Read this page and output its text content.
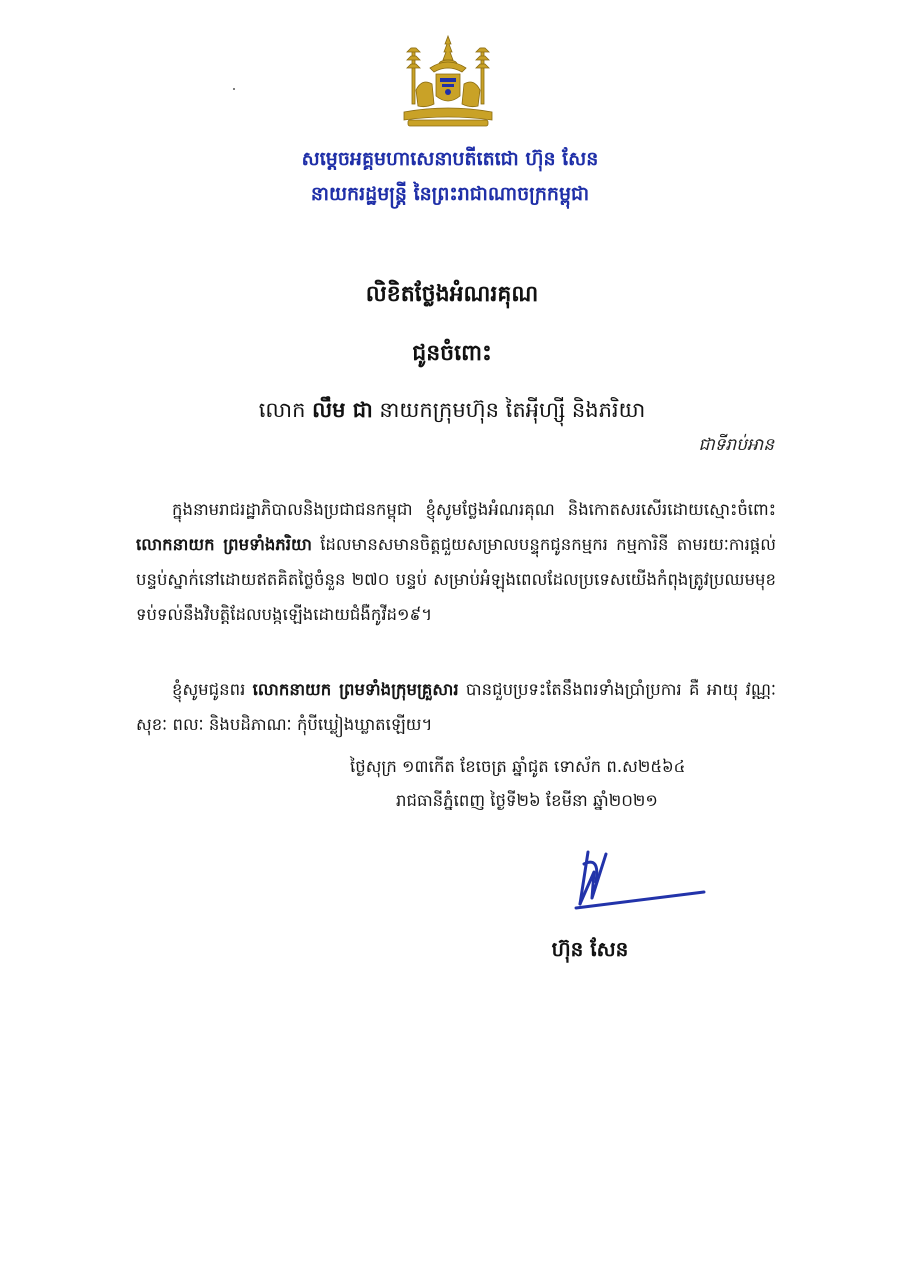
សម្តេចអគ្គមហាសេនាបតីតេជោ ហ៊ុន សែន
នាយករដ្ឋមន្ត្រី នៃព្រះរាជាណាចក្រកម្ពុជា
លិខិតថ្លែងអំណរគុណ
ជូនចំពោះ
លោក លឹម ជា នាយកក្រុមហ៊ុន តៃអុីហ្ស៊ី និងភរិយា
ជាទីរាប់អាន
ក្នុងនាមរាជរដ្ឋាភិបាលនិងប្រជាជនកម្ពុជា ខ្ញុំសូមថ្លែងអំណរគុណ និងកោតសរសើរដោយស្មោះចំពោះ លោកនាយក ព្រមទាំងភរិយា ដែលមានសមានចិត្តជួយសម្រាលបន្ទុកជូនកម្មករ កម្មការិនី តាមរយៈការផ្តល់បន្ទប់ស្នាក់នៅដោយឥតគិតថ្លៃចំនួន ២៧០ បន្ទប់ សម្រាប់អំឡុងពេលដែលប្រទេសយើងកំពុងត្រូវប្រឈមមុខទប់ទល់នឹងវិបត្តិដែលបង្កឡើងដោយជំងឺកូវីដ១៩។
ខ្ញុំសូមជូនពរ លោកនាយក ព្រមទាំងក្រុមគ្រួសារ បានជួបប្រទះតែនឹងពរទាំងប្រាំប្រការ គឺ អាយុ វណ្ណៈ សុខៈ ពលៈ និងបដិភាណៈ កុំបីឃ្លៀងឃ្លាតឡើយ។
ថ្ងៃសុក្រ ១៣កើត ខែចេត្រ ឆ្នាំជូត ទោស័ក ព.ស២៥៦៤
រាជធានីភ្នំពេញ ថ្ងៃទី២៦ ខែមីនា ឆ្នាំ២០២១
ហ៊ុន សែន
